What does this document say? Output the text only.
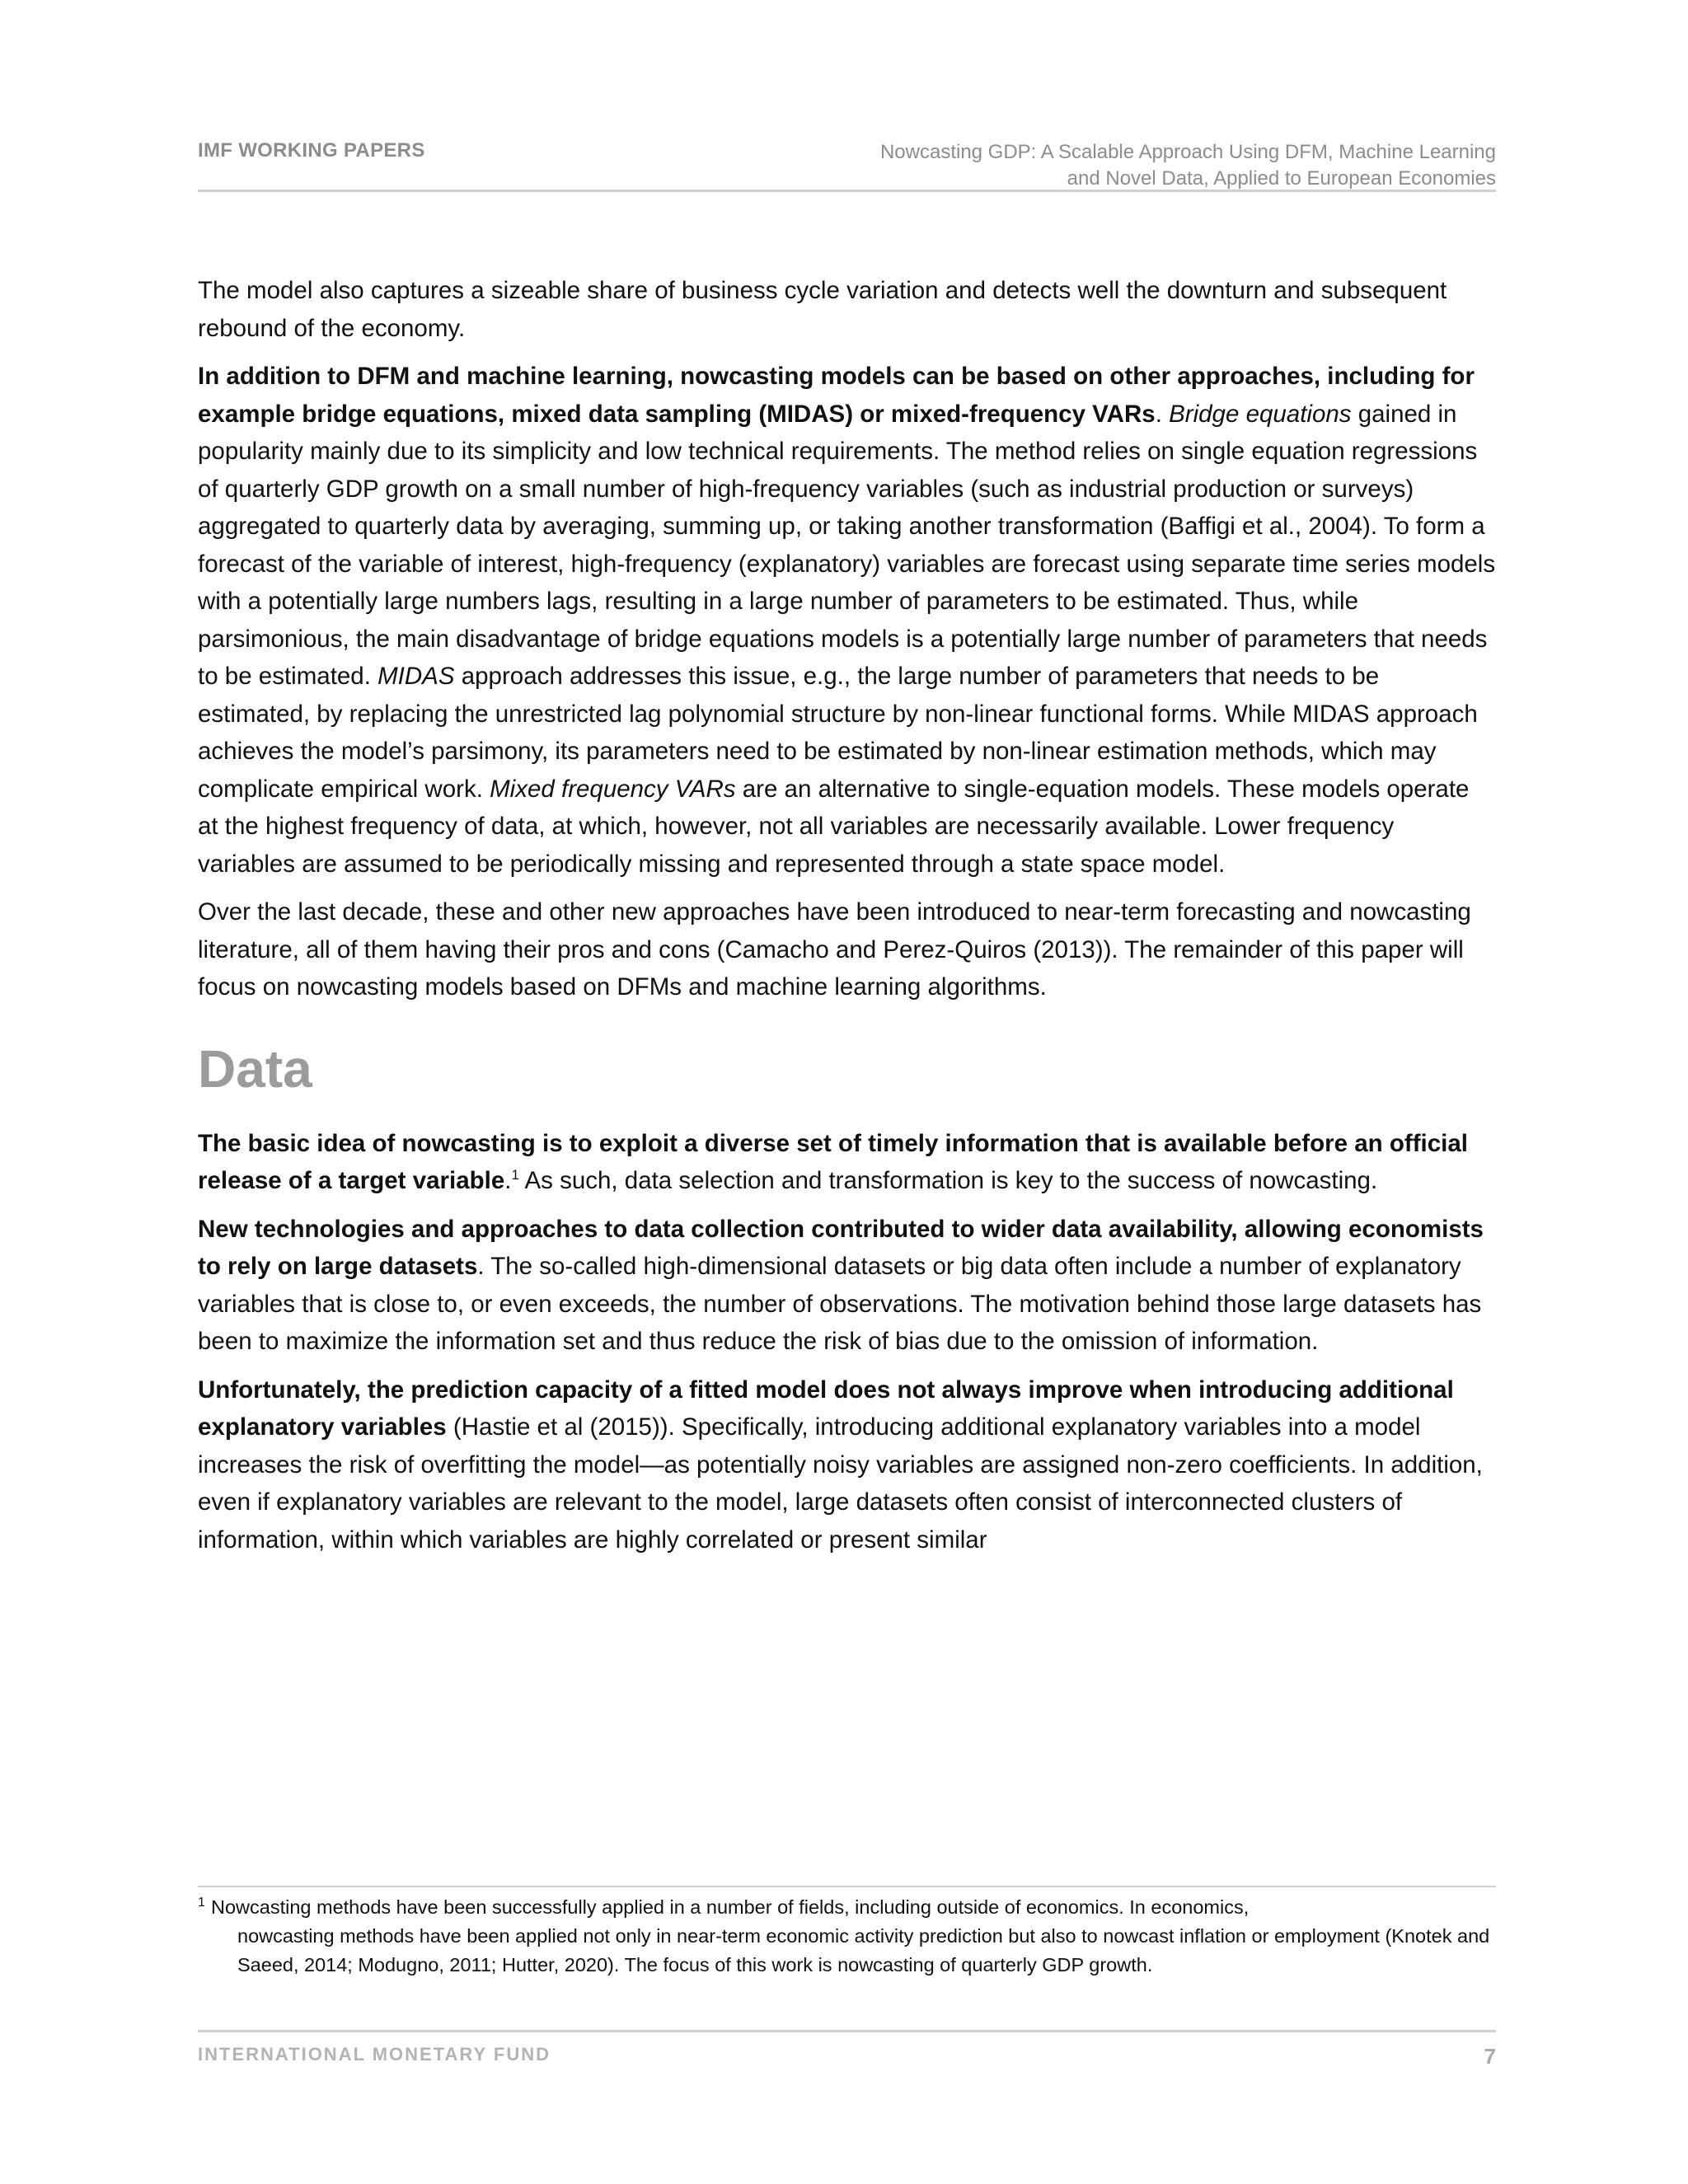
IMF WORKING PAPERS	Nowcasting GDP: A Scalable Approach Using DFM, Machine Learning
and Novel Data, Applied to European Economies

The model also captures a sizeable share of business cycle variation and detects well the downturn and subsequent rebound of the economy.

In addition to DFM and machine learning, nowcasting models can be based on other approaches, including for example bridge equations, mixed data sampling (MIDAS) or mixed-frequency VARs. Bridge equations gained in popularity mainly due to its simplicity and low technical requirements. The method relies on single equation regressions of quarterly GDP growth on a small number of high-frequency variables (such as industrial production or surveys) aggregated to quarterly data by averaging, summing up, or taking another transformation (Baffigi et al., 2004). To form a forecast of the variable of interest, high-frequency (explanatory) variables are forecast using separate time series models with a potentially large numbers lags, resulting in a large number of parameters to be estimated. Thus, while parsimonious, the main disadvantage of bridge equations models is a potentially large number of parameters that needs to be estimated. MIDAS approach addresses this issue, e.g., the large number of parameters that needs to be estimated, by replacing the unrestricted lag polynomial structure by non-linear functional forms. While MIDAS approach achieves the model’s parsimony, its parameters need to be estimated by non-linear estimation methods, which may complicate empirical work. Mixed frequency VARs are an alternative to single-equation models. These models operate at the highest frequency of data, at which, however, not all variables are necessarily available. Lower frequency variables are assumed to be periodically missing and represented through a state space model.

Over the last decade, these and other new approaches have been introduced to near-term forecasting and nowcasting literature, all of them having their pros and cons (Camacho and Perez-Quiros (2013)). The remainder of this paper will focus on nowcasting models based on DFMs and machine learning algorithms.

Data

The basic idea of nowcasting is to exploit a diverse set of timely information that is available before an official release of a target variable.$^1$ As such, data selection and transformation is key to the success of nowcasting.

New technologies and approaches to data collection contributed to wider data availability, allowing economists to rely on large datasets. The so-called high-dimensional datasets or big data often include a number of explanatory variables that is close to, or even exceeds, the number of observations. The motivation behind those large datasets has been to maximize the information set and thus reduce the risk of bias due to the omission of information.

Unfortunately, the prediction capacity of a fitted model does not always improve when introducing additional explanatory variables (Hastie et al (2015)). Specifically, introducing additional explanatory variables into a model increases the risk of overfitting the model—as potentially noisy variables are assigned non-zero coefficients. In addition, even if explanatory variables are relevant to the model, large datasets often consist of interconnected clusters of information, within which variables are highly correlated or present similar

1 Nowcasting methods have been successfully applied in a number of fields, including outside of economics. In economics,
nowcasting methods have been applied not only in near-term economic activity prediction but also to nowcast inflation or employment (Knotek and Saeed, 2014; Modugno, 2011; Hutter, 2020). The focus of this work is nowcasting of quarterly GDP growth.
INTERNATIONAL MONETARY FUND	7
